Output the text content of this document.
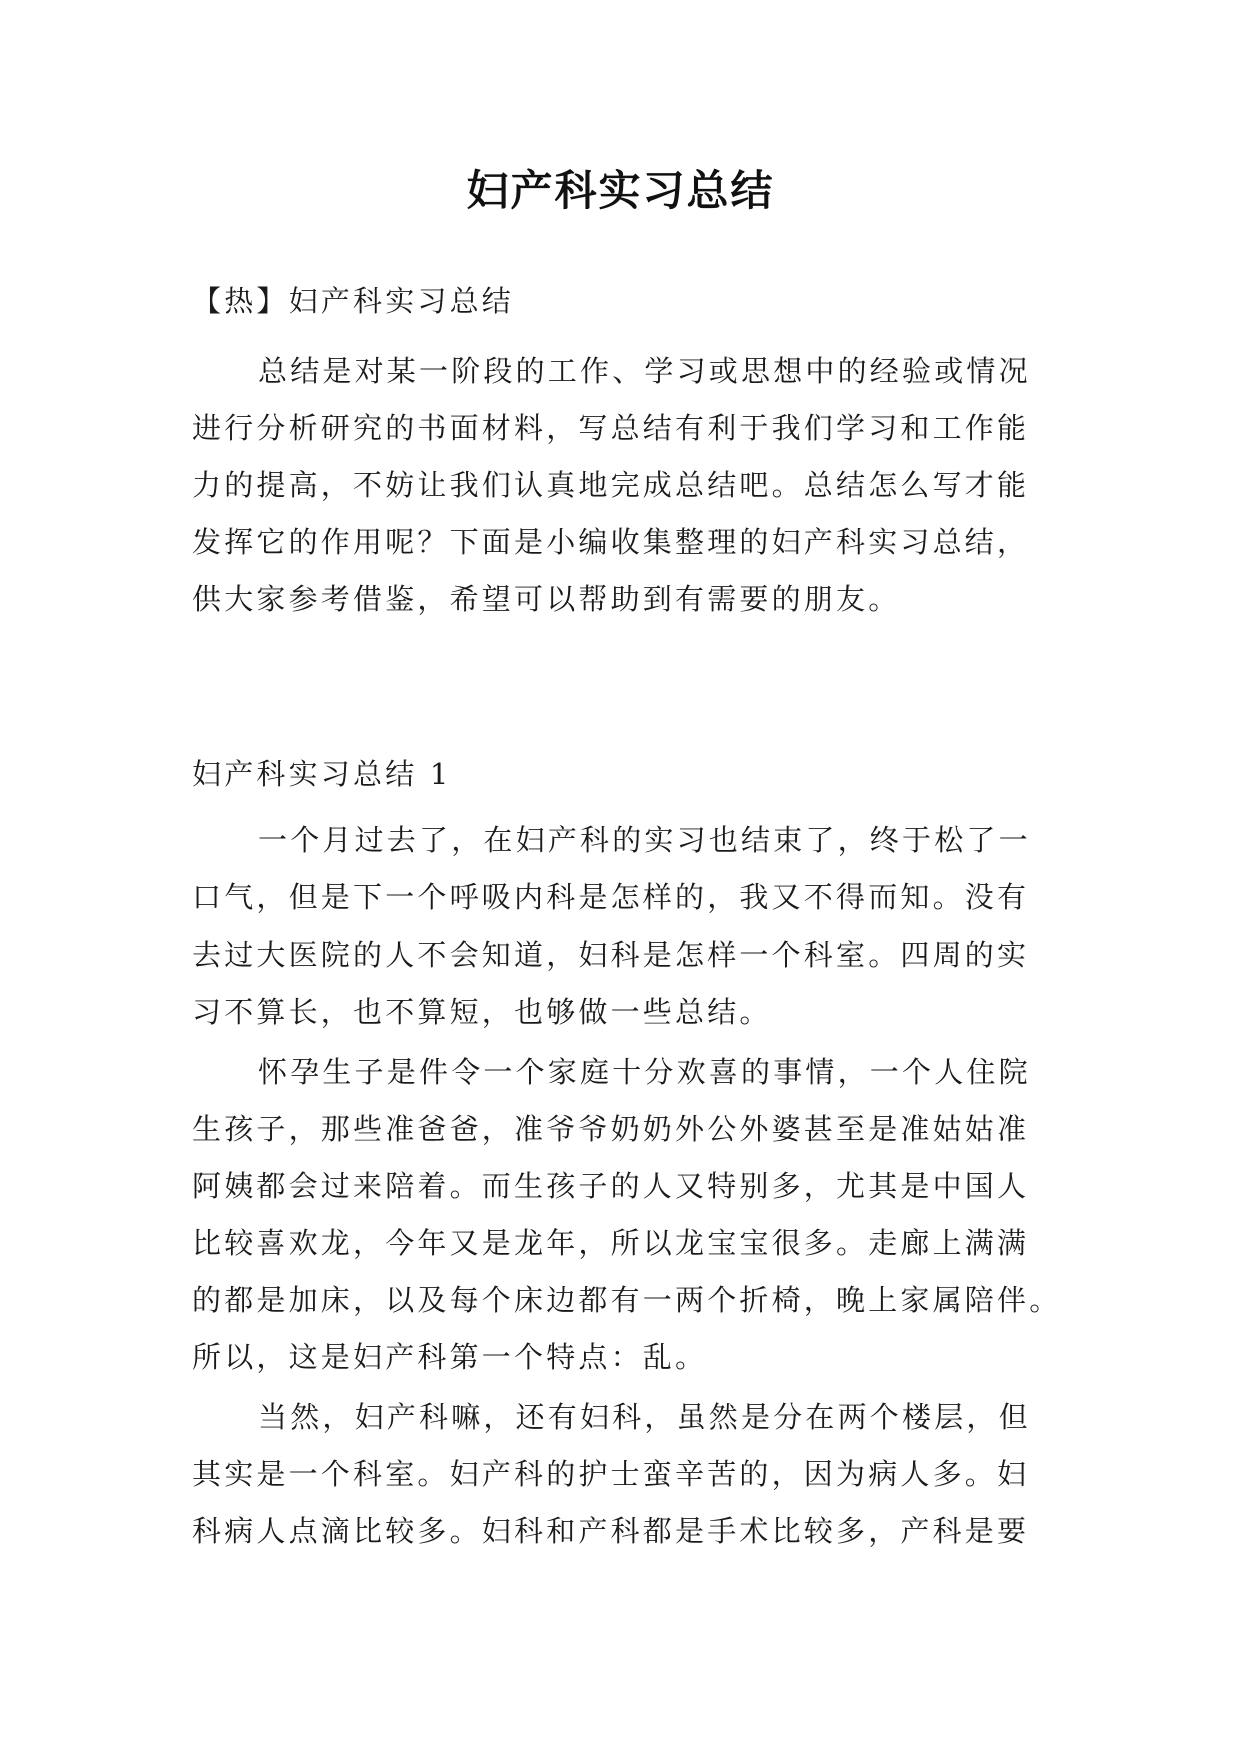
妇产科实习总结
【热】妇产科实习总结
总结是对某一阶段的工作、学习或思想中的经验或情况
进行分析研究的书面材料，写总结有利于我们学习和工作能
力的提高，不妨让我们认真地完成总结吧。总结怎么写才能
发挥它的作用呢？下面是小编收集整理的妇产科实习总结，
供大家参考借鉴，希望可以帮助到有需要的朋友。
妇产科实习总结 1
一个月过去了，在妇产科的实习也结束了，终于松了一
口气，但是下一个呼吸内科是怎样的，我又不得而知。没有
去过大医院的人不会知道，妇科是怎样一个科室。四周的实
习不算长，也不算短，也够做一些总结。
怀孕生子是件令一个家庭十分欢喜的事情，一个人住院
生孩子，那些准爸爸，准爷爷奶奶外公外婆甚至是准姑姑准
阿姨都会过来陪着。而生孩子的人又特别多，尤其是中国人
比较喜欢龙，今年又是龙年，所以龙宝宝很多。走廊上满满
的都是加床，以及每个床边都有一两个折椅，晚上家属陪伴。
所以，这是妇产科第一个特点：乱。
当然，妇产科嘛，还有妇科，虽然是分在两个楼层，但
其实是一个科室。妇产科的护士蛮辛苦的，因为病人多。妇
科病人点滴比较多。妇科和产科都是手术比较多，产科是要
